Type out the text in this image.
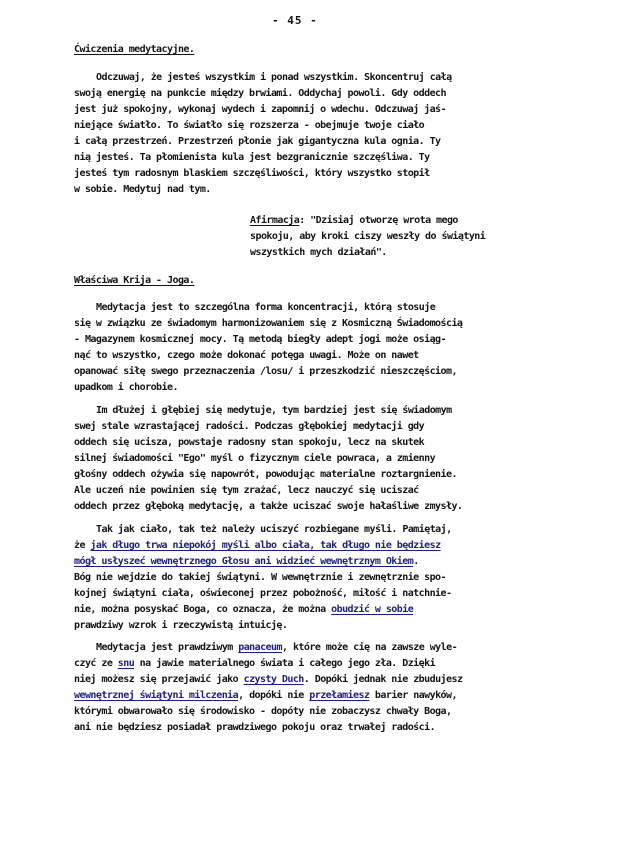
- 45 -
Ćwiczenia medytacyjne.
Odczuwaj, że jesteś wszystkim i ponad wszystkim. Skoncentruj całą
swoją energię na punkcie między brwiami. Oddychaj powoli. Gdy oddech
jest już spokojny, wykonaj wydech i zapomnij o wdechu. Odczuwaj jaś-
niejące światło. To światło się rozszerza - obejmuje twoje ciało
i całą przestrzeń. Przestrzeń płonie jak gigantyczna kula ognia. Ty
nią jesteś. Ta płomienista kula jest bezgranicznie szczęśliwa. Ty
jesteś tym radosnym blaskiem szczęśliwości, który wszystko stopił
w sobie. Medytuj nad tym.
Afirmacja: "Dzisiaj otworzę wrota mego
spokoju, aby kroki ciszy weszły do świątyni
wszystkich mych działań".
Właściwa Krija - Joga.
Medytacja jest to szczególna forma koncentracji, którą stosuje
się w związku ze świadomym harmonizowaniem się z Kosmiczną Świadomością
- Magazynem kosmicznej mocy. Tą metodą biegły adept jogi może osiąg-
nąć to wszystko, czego może dokonać potęga uwagi. Może on nawet
opanować siłę swego przeznaczenia /losu/ i przeszkodzić nieszczęściom,
upadkom i chorobie.
Im dłużej i głębiej się medytuje, tym bardziej jest się świadomym
swej stale wzrastającej radości. Podczas głębokiej medytacji gdy
oddech się ucisza, powstaje radosny stan spokoju, lecz na skutek
silnej świadomości "Ego" myśl o fizycznym ciele powraca, a zmienny
głośny oddech ożywia się napowrót, powodując materialne roztargnienie.
Ale uczeń nie powinien się tym zrażać, lecz nauczyć się uciszać
oddech przez głęboką medytację, a także uciszać swoje hałaśliwe zmysły.
Tak jak ciało, tak też należy uciszyć rozbiegane myśli. Pamiętaj,
że jak długo trwa niepokój myśli albo ciała, tak długo nie będziesz
mógł usłyszeć wewnętrznego Głosu ani widzieć wewnętrznym Okiem.
Bóg nie wejdzie do takiej świątyni. W wewnętrznie i zewnętrznie spo-
kojnej świątyni ciała, oświeconej przez pobożność, miłość i natchnie-
nie, można posyskać Boga, co oznacza, że można obudzić w sobie
prawdziwy wzrok i rzeczywistą intuicję.
Medytacja jest prawdziwym panaceum, które może cię na zawsze wyle-
czyć ze snu na jawie materialnego świata i całego jego zła. Dzięki
niej możesz się przejawić jako czysty Duch. Dopóki jednak nie zbudujesz
wewnętrznej świątyni milczenia, dopóki nie przełamiesz barier nawyków,
którymi obwarowało się środowisko - dopóty nie zobaczysz chwały Boga,
ani nie będziesz posiadał prawdziwego pokoju oraz trwałej radości.
